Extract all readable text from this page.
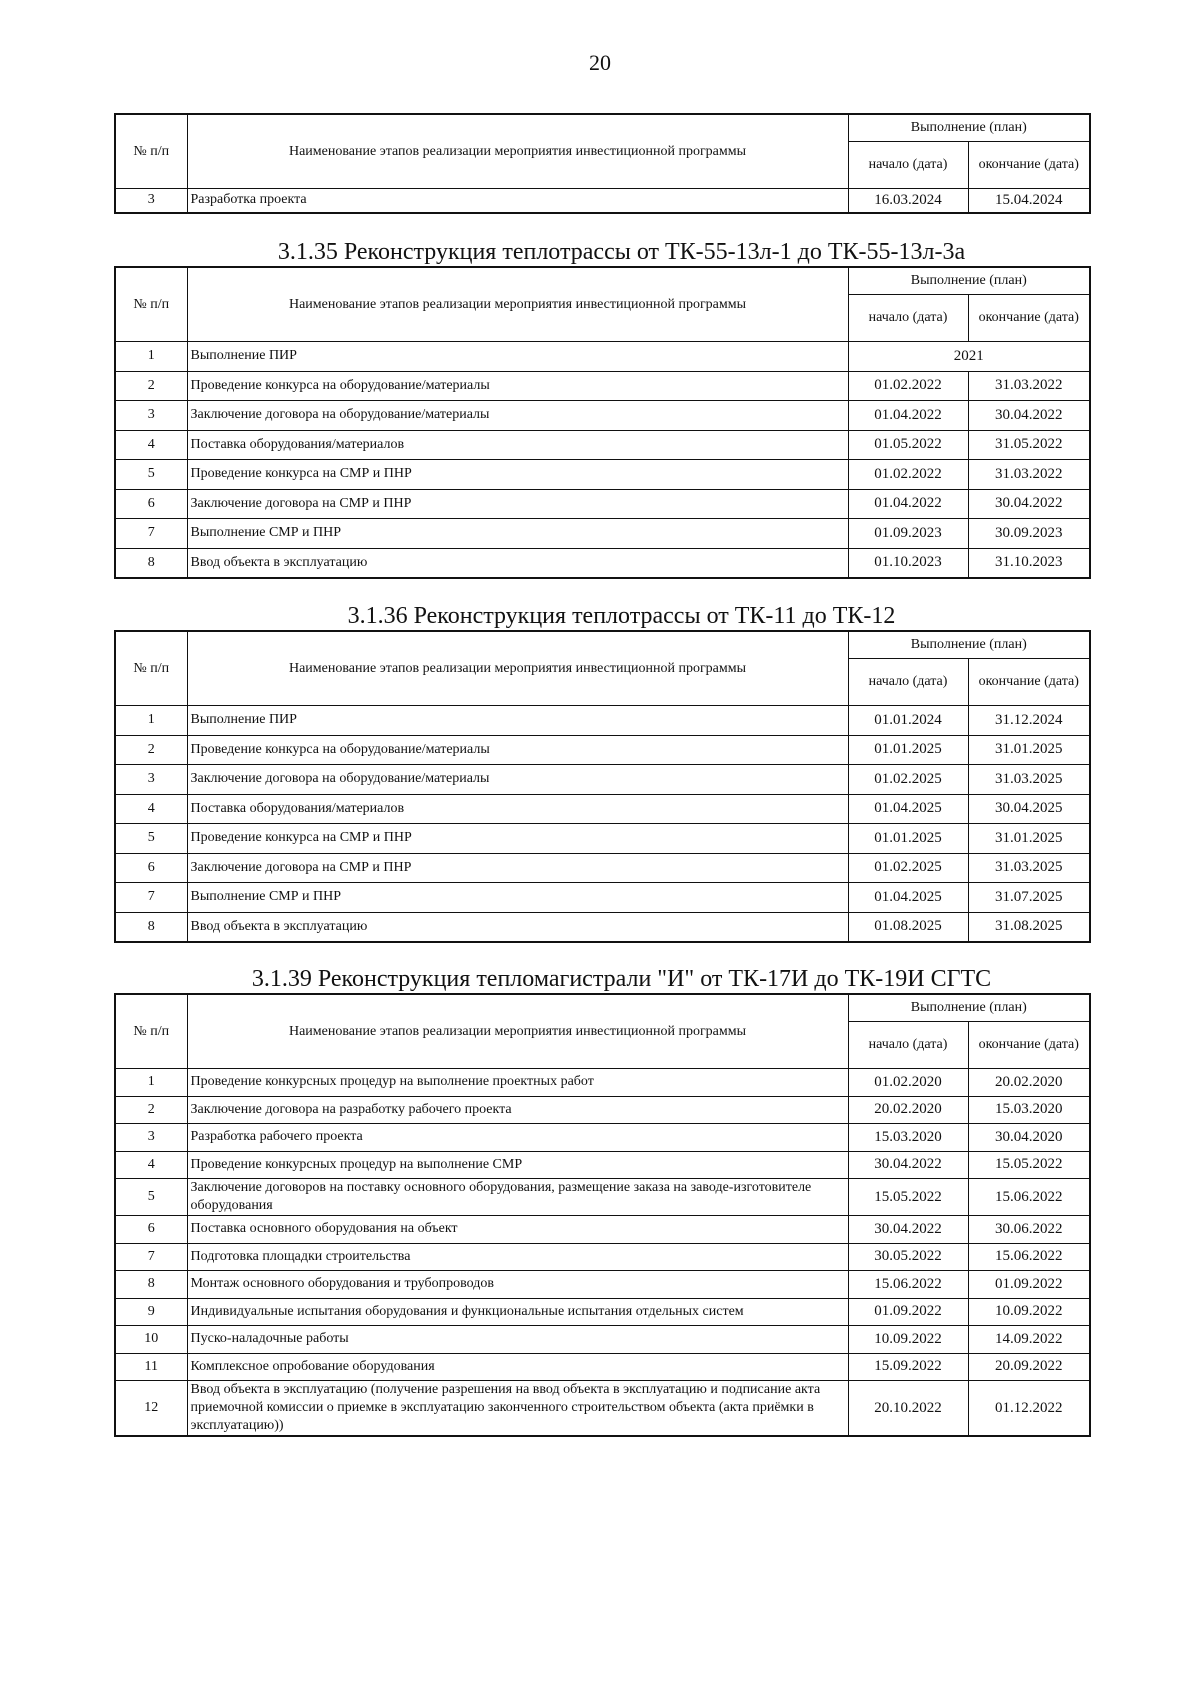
20
№ п/п	Наименование этапов реализации мероприятия инвестиционной программы	Выполнение (план)	
		начало (дата)	окончание (дата)
3	Разработка проекта	16.03.2024	15.04.2024
3.1.35 Реконструкция теплотрассы от ТК-55-13л-1 до ТК-55-13л-3а
№ п/п	Наименование этапов реализации мероприятия инвестиционной программы	Выполнение (план)	
		начало (дата)	окончание (дата)
1	Выполнение ПИР	2021	
2	Проведение конкурса на оборудование/материалы	01.02.2022	31.03.2022
3	Заключение договора на оборудование/материалы	01.04.2022	30.04.2022
4	Поставка оборудования/материалов	01.05.2022	31.05.2022
5	Проведение конкурса на СМР и ПНР	01.02.2022	31.03.2022
6	Заключение договора на СМР и ПНР	01.04.2022	30.04.2022
7	Выполнение СМР и ПНР	01.09.2023	30.09.2023
8	Ввод объекта в эксплуатацию	01.10.2023	31.10.2023
3.1.36 Реконструкция теплотрассы от ТК-11 до ТК-12
№ п/п	Наименование этапов реализации мероприятия инвестиционной программы	Выполнение (план)	
		начало (дата)	окончание (дата)
1	Выполнение ПИР	01.01.2024	31.12.2024
2	Проведение конкурса на оборудование/материалы	01.01.2025	31.01.2025
3	Заключение договора на оборудование/материалы	01.02.2025	31.03.2025
4	Поставка оборудования/материалов	01.04.2025	30.04.2025
5	Проведение конкурса на СМР и ПНР	01.01.2025	31.01.2025
6	Заключение договора на СМР и ПНР	01.02.2025	31.03.2025
7	Выполнение СМР и ПНР	01.04.2025	31.07.2025
8	Ввод объекта в эксплуатацию	01.08.2025	31.08.2025
3.1.39 Реконструкция тепломагистрали "И" от ТК-17И до ТК-19И СГТС
№ п/п	Наименование этапов реализации мероприятия инвестиционной программы	Выполнение (план)	
		начало (дата)	окончание (дата)
1	Проведение конкурсных процедур на выполнение проектных работ	01.02.2020	20.02.2020
2	Заключение договора на разработку рабочего проекта	20.02.2020	15.03.2020
3	Разработка рабочего проекта	15.03.2020	30.04.2020
4	Проведение конкурсных процедур на выполнение СМР	30.04.2022	15.05.2022
5	Заключение договоров на поставку основного оборудования, размещение заказа на заводе-изготовителе оборудования	15.05.2022	15.06.2022
6	Поставка основного оборудования на объект	30.04.2022	30.06.2022
7	Подготовка площадки строительства	30.05.2022	15.06.2022
8	Монтаж основного оборудования и трубопроводов	15.06.2022	01.09.2022
9	Индивидуальные испытания оборудования и функциональные испытания отдельных систем	01.09.2022	10.09.2022
10	Пуско-наладочные работы	10.09.2022	14.09.2022
11	Комплексное опробование оборудования	15.09.2022	20.09.2022
12	Ввод объекта в эксплуатацию (получение разрешения на ввод объекта в эксплуатацию и подписание акта приемочной комиссии о приемке в эксплуатацию законченного строительством объекта (акта приёмки в эксплуатацию))	20.10.2022	01.12.2022
